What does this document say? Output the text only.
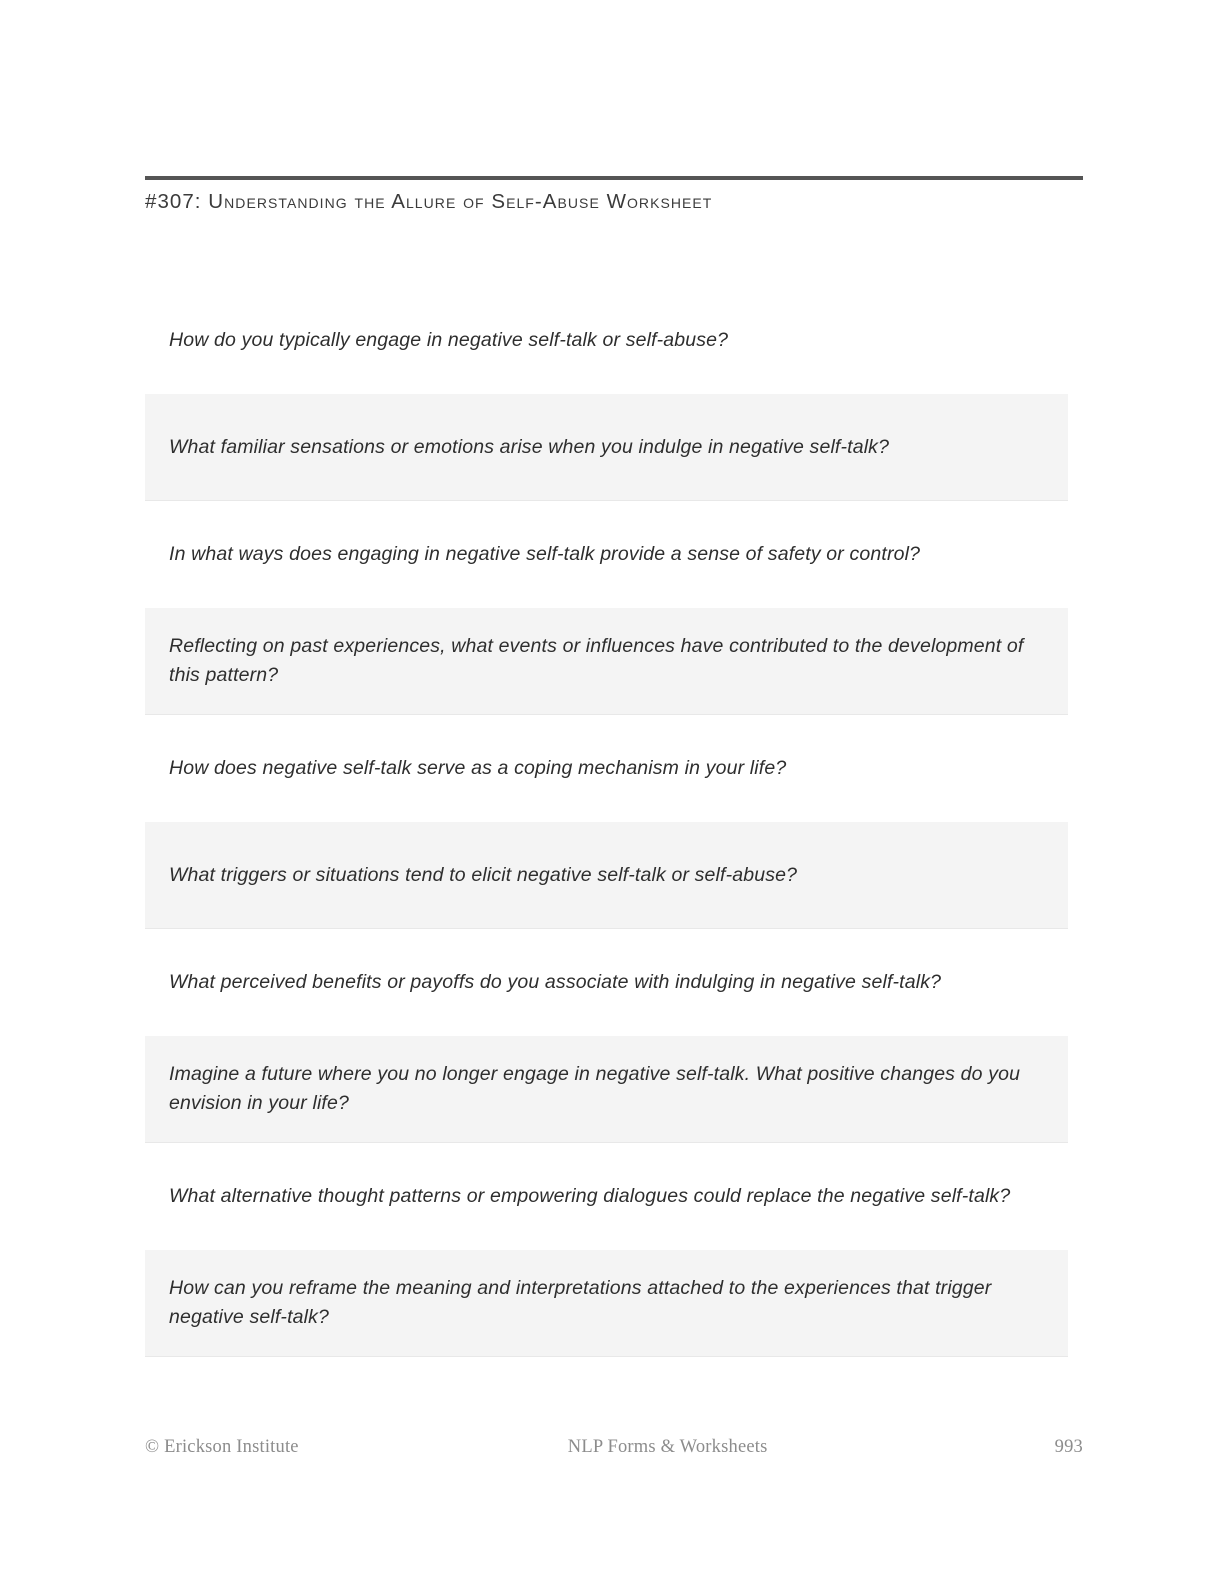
#307: Understanding the Allure of Self-Abuse Worksheet
How do you typically engage in negative self-talk or self-abuse?
What familiar sensations or emotions arise when you indulge in negative self-talk?
In what ways does engaging in negative self-talk provide a sense of safety or control?
Reflecting on past experiences, what events or influences have contributed to the development of this pattern?
How does negative self-talk serve as a coping mechanism in your life?
What triggers or situations tend to elicit negative self-talk or self-abuse?
What perceived benefits or payoffs do you associate with indulging in negative self-talk?
Imagine a future where you no longer engage in negative self-talk. What positive changes do you envision in your life?
What alternative thought patterns or empowering dialogues could replace the negative self-talk?
How can you reframe the meaning and interpretations attached to the experiences that trigger negative self-talk?
© Erickson Institute	NLP Forms & Worksheets	993
